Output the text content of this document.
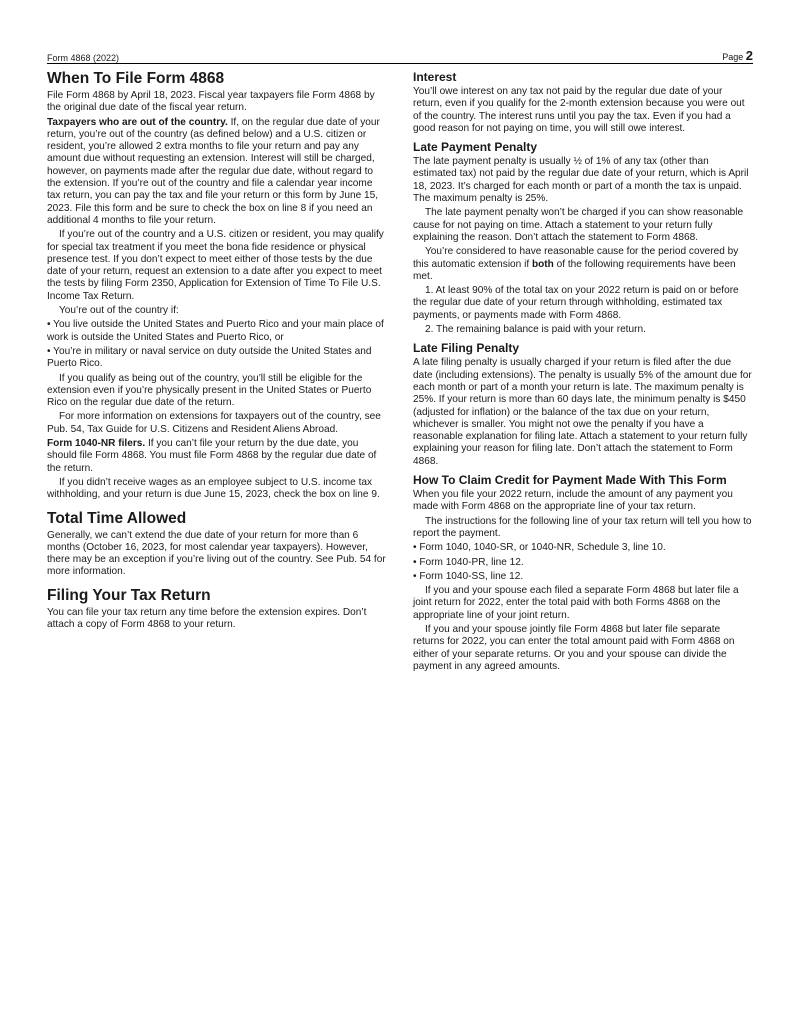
Form 4868 (2022)	Page 2
When To File Form 4868

File Form 4868 by April 18, 2023. Fiscal year taxpayers file Form 4868 by the original due date of the fiscal year return.

Taxpayers who are out of the country. If, on the regular due date of your return, you’re out of the country (as defined below) and a U.S. citizen or resident, you’re allowed 2 extra months to file your return and pay any amount due without requesting an extension. Interest will still be charged, however, on payments made after the regular due date, without regard to the extension. If you’re out of the country and file a calendar year income tax return, you can pay the tax and file your return or this form by June 15, 2023. File this form and be sure to check the box on line 8 if you need an additional 4 months to file your return.

If you’re out of the country and a U.S. citizen or resident, you may qualify for special tax treatment if you meet the bona fide residence or physical presence test. If you don’t expect to meet either of those tests by the due date of your return, request an extension to a date after you expect to meet the tests by filing Form 2350, Application for Extension of Time To File U.S. Income Tax Return.

You’re out of the country if:

• You live outside the United States and Puerto Rico and your main place of work is outside the United States and Puerto Rico, or

• You’re in military or naval service on duty outside the United States and Puerto Rico.

If you qualify as being out of the country, you’ll still be eligible for the extension even if you’re physically present in the United States or Puerto Rico on the regular due date of the return.

For more information on extensions for taxpayers out of the country, see Pub. 54, Tax Guide for U.S. Citizens and Resident Aliens Abroad.

Form 1040-NR filers. If you can’t file your return by the due date, you should file Form 4868. You must file Form 4868 by the regular due date of the return.

If you didn’t receive wages as an employee subject to U.S. income tax withholding, and your return is due June 15, 2023, check the box on line 9.

Total Time Allowed

Generally, we can’t extend the due date of your return for more than 6 months (October 16, 2023, for most calendar year taxpayers). However, there may be an exception if you’re living out of the country. See Pub. 54 for more information.

Filing Your Tax Return

You can file your tax return any time before the extension expires. Don’t attach a copy of Form 4868 to your return.

Interest

You’ll owe interest on any tax not paid by the regular due date of your return, even if you qualify for the 2-month extension because you were out of the country. The interest runs until you pay the tax. Even if you had a good reason for not paying on time, you will still owe interest.

Late Payment Penalty

The late payment penalty is usually ½ of 1% of any tax (other than estimated tax) not paid by the regular due date of your return, which is April 18, 2023. It’s charged for each month or part of a month the tax is unpaid. The maximum penalty is 25%.

The late payment penalty won’t be charged if you can show reasonable cause for not paying on time. Attach a statement to your return fully explaining the reason. Don’t attach the statement to Form 4868.

You’re considered to have reasonable cause for the period covered by this automatic extension if both of the following requirements have been met.

1. At least 90% of the total tax on your 2022 return is paid on or before the regular due date of your return through withholding, estimated tax payments, or payments made with Form 4868.

2. The remaining balance is paid with your return.

Late Filing Penalty

A late filing penalty is usually charged if your return is filed after the due date (including extensions). The penalty is usually 5% of the amount due for each month or part of a month your return is late. The maximum penalty is 25%. If your return is more than 60 days late, the minimum penalty is $450 (adjusted for inflation) or the balance of the tax due on your return, whichever is smaller. You might not owe the penalty if you have a reasonable explanation for filing late. Attach a statement to your return fully explaining your reason for filing late. Don’t attach the statement to Form 4868.

How To Claim Credit for Payment Made With This Form

When you file your 2022 return, include the amount of any payment you made with Form 4868 on the appropriate line of your tax return.

The instructions for the following line of your tax return will tell you how to report the payment.

• Form 1040, 1040-SR, or 1040-NR, Schedule 3, line 10.

• Form 1040-PR, line 12.

• Form 1040-SS, line 12.

If you and your spouse each filed a separate Form 4868 but later file a joint return for 2022, enter the total paid with both Forms 4868 on the appropriate line of your joint return.

If you and your spouse jointly file Form 4868 but later file separate returns for 2022, you can enter the total amount paid with Form 4868 on either of your separate returns. Or you and your spouse can divide the payment in any agreed amounts.
